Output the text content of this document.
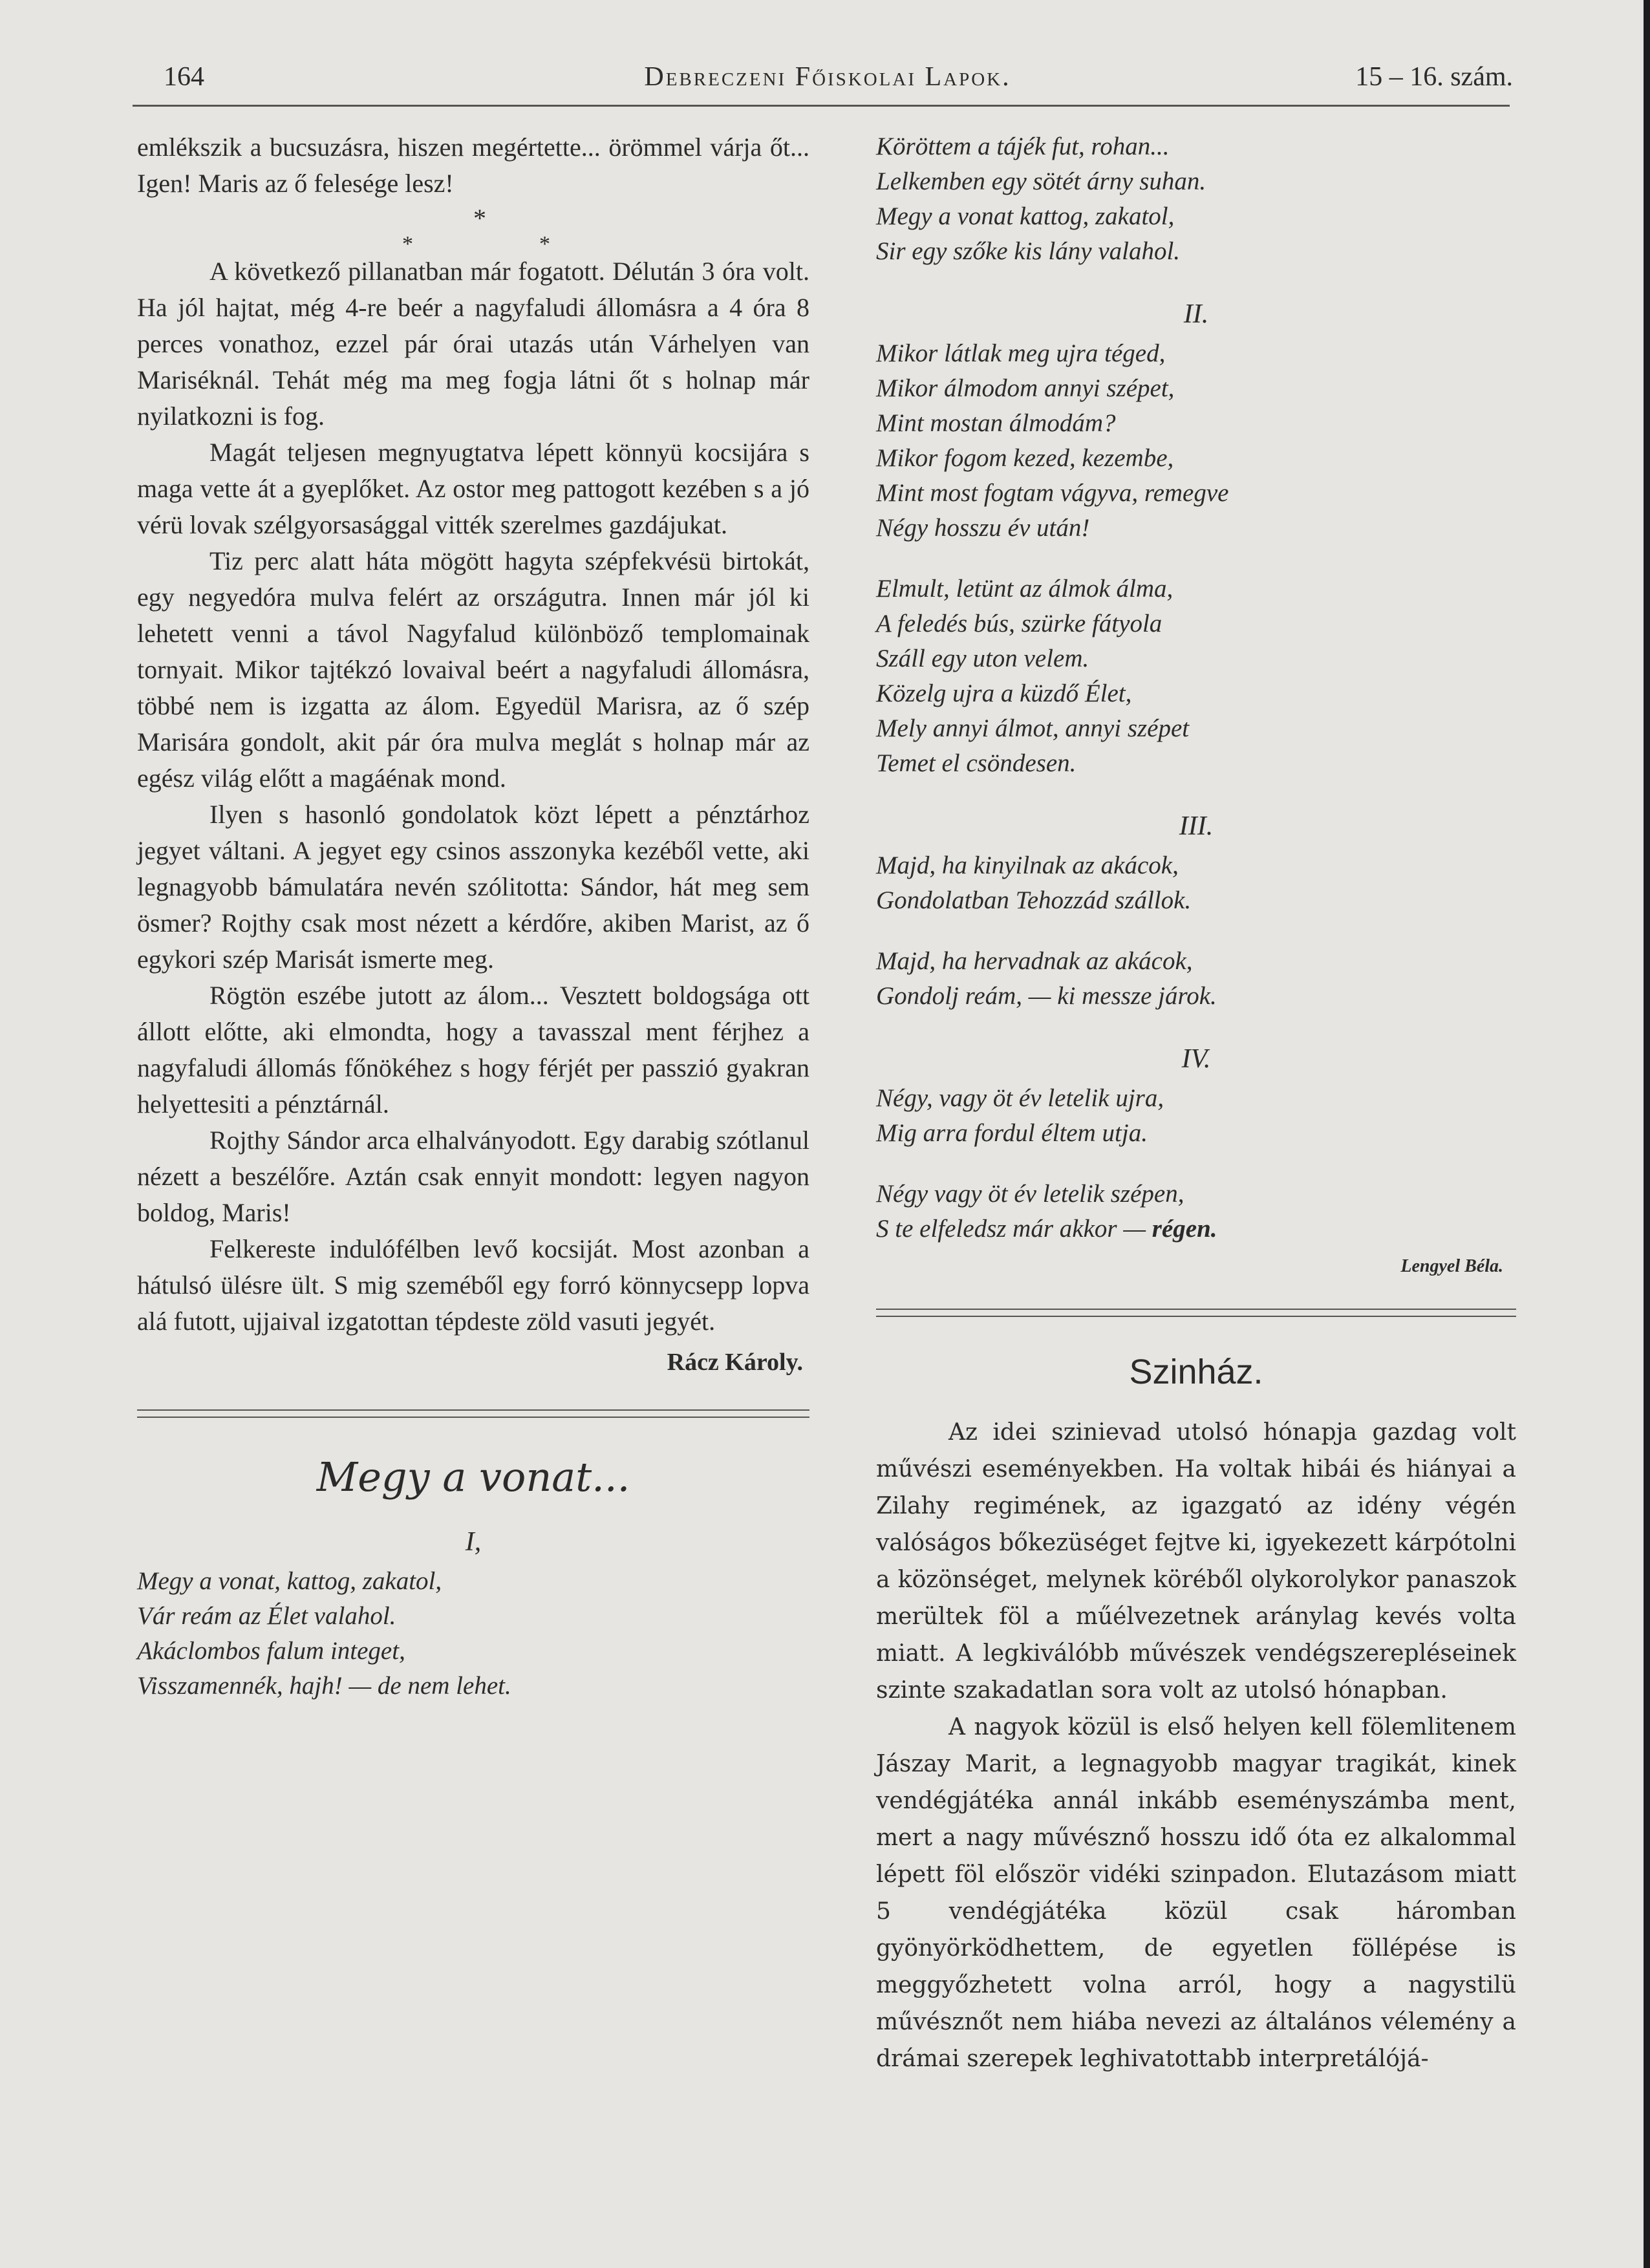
164	Debreczeni Főiskolai Lapok.	15 – 16. szám.

emlékszik a bucsuzásra, hiszen megértette... örömmel várja őt... Igen! Maris az ő felesége lesz!

*
*	*

A következő pillanatban már fogatott. Délután 3 óra volt. Ha jól hajtat, még 4-re beér a nagyfaludi állomásra a 4 óra 8 perces vonathoz, ezzel pár órai utazás után Várhelyen van Mariséknál. Tehát még ma meg fogja látni őt s holnap már nyilatkozni is fog.

Magát teljesen megnyugtatva lépett könnyü kocsijára s maga vette át a gyeplőket. Az ostor meg pattogott kezében s a jó vérü lovak szélgyorsasággal vitték szerelmes gazdájukat.

Tiz perc alatt háta mögött hagyta szépfekvésü birtokát, egy negyedóra mulva felért az országutra. Innen már jól ki lehetett venni a távol Nagyfalud különböző templomainak tornyait. Mikor tajtékzó lovaival beért a nagyfaludi állomásra, többé nem is izgatta az álom. Egyedül Marisra, az ő szép Marisára gondolt, akit pár óra mulva meglát s holnap már az egész világ előtt a magáénak mond.

Ilyen s hasonló gondolatok közt lépett a pénztárhoz jegyet váltani. A jegyet egy csinos asszonyka kezéből vette, aki legnagyobb bámulatára nevén szólitotta: Sándor, hát meg sem ösmer? Rojthy csak most nézett a kérdőre, akiben Marist, az ő egykori szép Marisát ismerte meg.

Rögtön eszébe jutott az álom... Vesztett boldogsága ott állott előtte, aki elmondta, hogy a tavasszal ment férjhez a nagyfaludi állomás főnökéhez s hogy férjét per passzió gyakran helyettesiti a pénztárnál.

Rojthy Sándor arca elhalványodott. Egy darabig szótlanul nézett a beszélőre. Aztán csak ennyit mondott: legyen nagyon boldog, Maris!

Felkereste indulófélben levő kocsiját. Most azonban a hátulsó ülésre ült. S mig szeméből egy forró könnycsepp lopva alá futott, ujjaival izgatottan tépdeste zöld vasuti jegyét.

Rácz Károly.
Megy a vonat...
I,
Megy a vonat, kattog, zakatol,
Vár reám az Élet valahol.
Akáclombos falum integet,
Visszamennék, hajh! — de nem lehet.
Köröttem a tájék fut, rohan...
Lelkemben egy sötét árny suhan.
Megy a vonat kattog, zakatol,
Sir egy szőke kis lány valahol.
II.
Mikor látlak meg ujra téged,
Mikor álmodom annyi szépet,
Mint mostan álmodám?
Mikor fogom kezed, kezembe,
Mint most fogtam vágyva, remegve
Négy hosszu év után!
Elmult, letünt az álmok álma,
A feledés bús, szürke fátyola
Száll egy uton velem.
Közelg ujra a küzdő Élet,
Mely annyi álmot, annyi szépet
Temet el csöndesen.
III.
Majd, ha kinyilnak az akácok,
Gondolatban Tehozzád szállok.
Majd, ha hervadnak az akácok,
Gondolj reám, — ki messze járok.
IV.
Négy, vagy öt év letelik ujra,
Mig arra fordul éltem utja.
Négy vagy öt év letelik szépen,
S te elfeledsz már akkor — régen.
Lengyel Béla.
Szinház.

Az idei szinievad utolsó hónapja gazdag volt művészi eseményekben. Ha voltak hibái és hiányai a Zilahy regimének, az igazgató az idény végén valóságos bőkezüséget fejtve ki, igyekezett kárpótolni a közönséget, melynek köréből olykorolykor panaszok merültek föl a műélvezetnek aránylag kevés volta miatt. A legkiválóbb művészek vendégszerepléseinek szinte szakadatlan sora volt az utolsó hónapban.

A nagyok közül is első helyen kell fölemlitenem Jászay Marit, a legnagyobb magyar tragikát, kinek vendégjátéka annál inkább eseményszámba ment, mert a nagy művésznő hosszu idő óta ez alkalommal lépett föl először vidéki szinpadon. Elutazásom miatt 5 vendégjátéka közül csak háromban gyönyörködhettem, de egyetlen föllépése is meggyőzhetett volna arról, hogy a nagystilü művésznőt nem hiába nevezi az általános vélemény a drámai szerepek leghivatottabb interpretálójá-
